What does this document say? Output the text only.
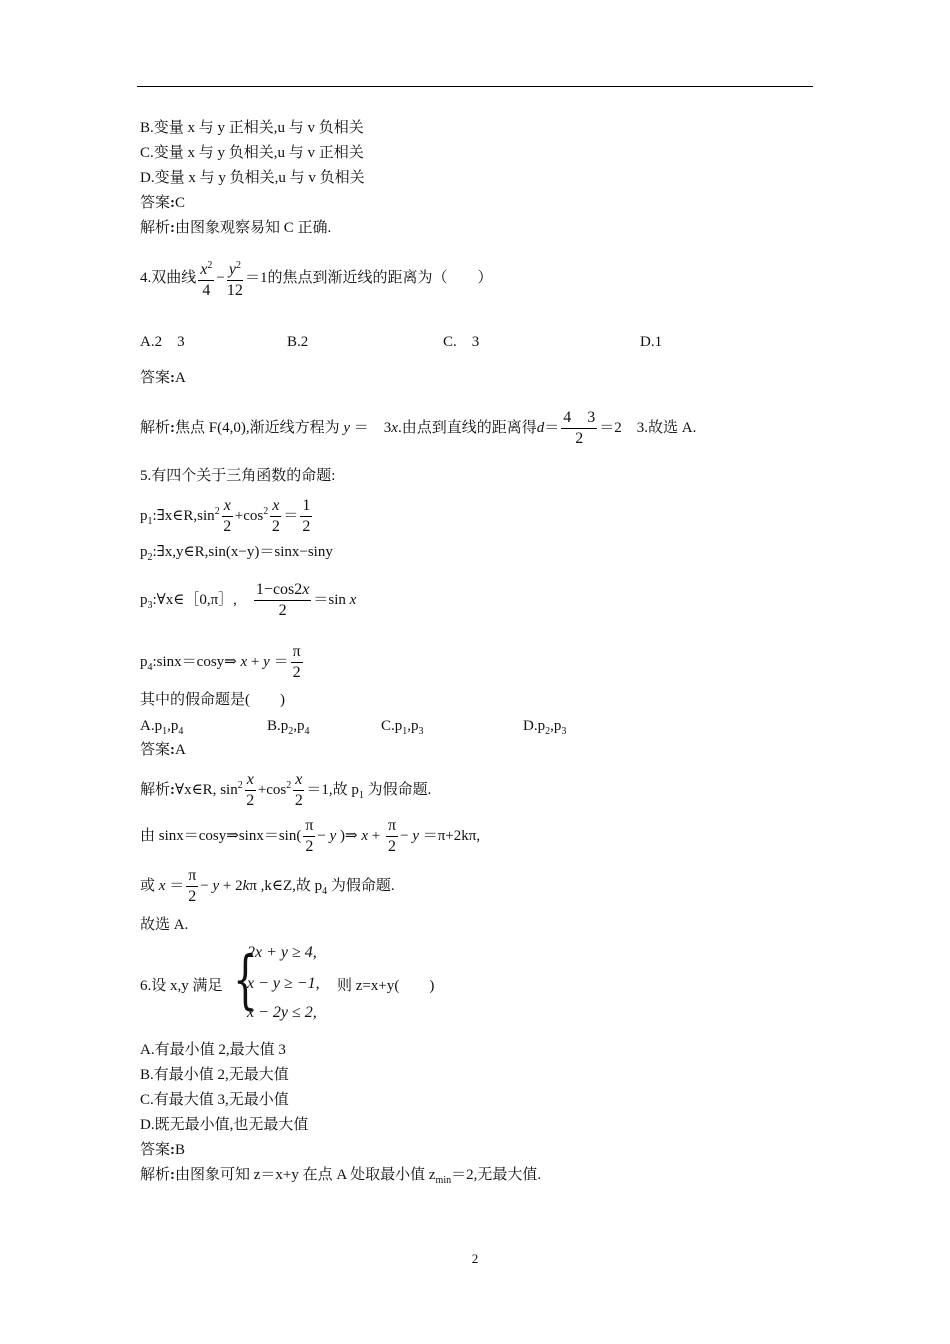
B.变量 x 与 y 正相关,u 与 v 负相关
C.变量 x 与 y 负相关,u 与 v 正相关
D.变量 x 与 y 负相关,u 与 v 负相关
答案:C
解析:由图象观察易知 C 正确.
4.双曲线 $\frac{x^2}{4} - \frac{y^2}{12} =1$的焦点到渐近线的距离为（　　）
A.2　3	B.2	C.　3	D.1
答案:A
解析:焦点 F(4,0),渐近线方程为 y ＝　3x.由点到直线的距离得$d= \frac{4 3}{2} =2$　3.故选 A.
5.有四个关于三角函数的命题:
$p_1:\exists x\in R,\sin^2 \frac{x}{2} +\cos^2 \frac{x}{2} = \frac{1}{2}$
$p_2:\exists x,y\in R,\sin(x-y)=\sin x-\sin y$
$p_3:\forall x\in[0,\pi]$,　 $\frac{1-\cos 2x}{2} =\sin$ x
$p_4:\sin x=\cos y\Rightarrow$ $x + y = \frac{\pi}{2}$
其中的假命题是(　　)
$A.p_1,p_4$	$B.p_2,p_4$	$C.p_1,p_3$	$D.p_2,p_3$
答案:A
解析:∀x∈R, $\sin^2 \frac{x}{2} +\cos^2 \frac{x}{2} =1$,故 $p_1$ 为假命题.
由 sinx＝cosy⇒sinx＝sin( $\frac{\pi}{2} - y$ )⇒ $x + \frac{\pi}{2} - y =\pi+2k\pi$,
或 $x = \frac{\pi}{2} - y + 2k\pi$ ,k∈Z,故 $p_4$ 为假命题.
故选 A.
6.设 x,y 满足 {
2x + y ≥ 4,
x − y ≥ −1,
x − 2y ≤ 2,
则 z=x+y(　　)
A.有最小值 2,最大值 3
B.有最小值 2,无最大值
C.有最大值 3,无最小值
D.既无最小值,也无最大值
答案:B
解析:由图象可知 z＝x+y 在点 A 处取最小值 $z_{min}=2$,无最大值.
2
